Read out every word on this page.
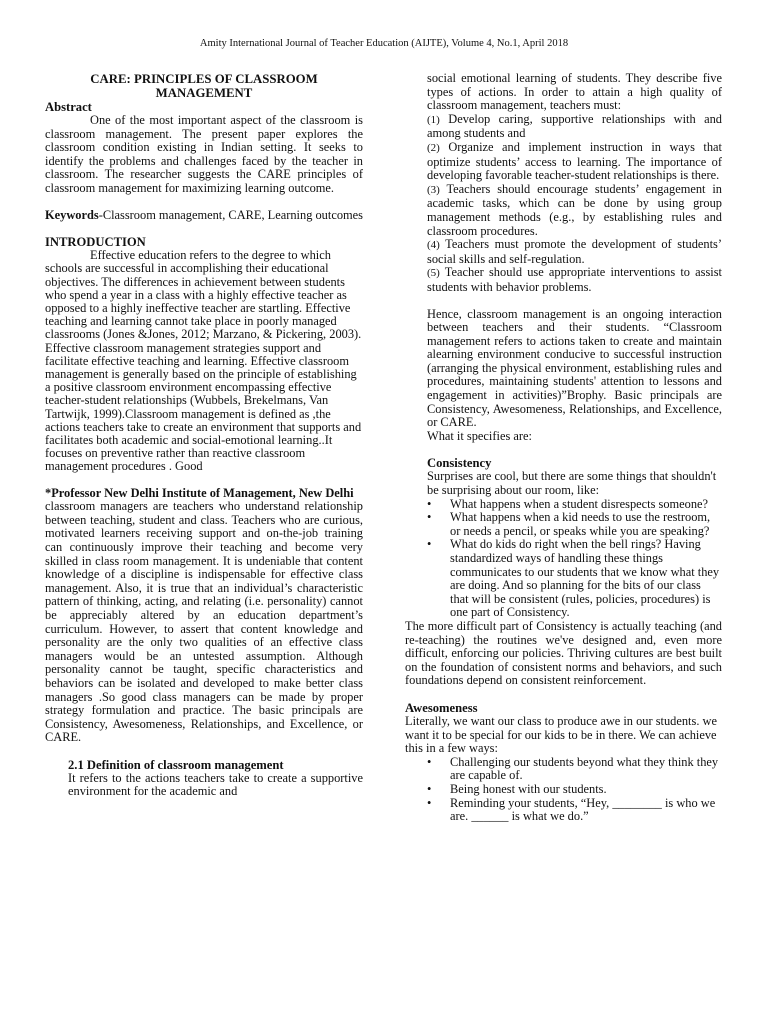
Amity International Journal of Teacher Education (AIJTE), Volume 4, No.1, April 2018
CARE: PRINCIPLES OF CLASSROOM MANAGEMENT
Abstract

One of the most important aspect of the classroom is classroom management. The present paper explores the classroom condition existing in Indian setting. It seeks to identify the problems and challenges faced by the teacher in classroom. The researcher suggests the CARE principles of classroom management for maximizing learning outcome.

Keywords-Classroom management, CARE, Learning outcomes

INTRODUCTION

Effective education refers to the degree to which schools are successful in accomplishing their educational objectives. The differences in achievement between students who spend a year in a class with a highly effective teacher as opposed to a highly ineffective teacher are startling. Effective teaching and learning cannot take place in poorly managed classrooms (Jones &Jones, 2012; Marzano, & Pickering, 2003). Effective classroom management strategies support and facilitate effective teaching and learning. Effective classroom management is generally based on the principle of establishing a positive classroom environment encompassing effective teacher-student relationships (Wubbels, Brekelmans, Van Tartwijk, 1999).Classroom management is defined as ,the actions teachers take to create an environment that supports and facilitates both academic and social-emotional learning..It focuses on preventive rather than reactive classroom management procedures . Good

*Professor New Delhi Institute of Management, New Delhi

classroom managers are teachers who understand relationship between teaching, student and class. Teachers who are curious, motivated learners receiving support and on-the-job training can continuously improve their teaching and become very skilled in class room management. It is undeniable that content knowledge of a discipline is indispensable for effective class management. Also, it is true that an individual’s characteristic pattern of thinking, acting, and relating (i.e. personality) cannot be appreciably altered by an education department’s curriculum. However, to assert that content knowledge and personality are the only two qualities of an effective class managers would be an untested assumption. Although personality cannot be taught, specific characteristics and behaviors can be isolated and developed to make better class managers .So good class managers can be made by proper strategy formulation and practice. The basic principals are Consistency, Awesomeness, Relationships, and Excellence, or CARE.

2.1 Definition of classroom management

It refers to the actions teachers take to create a supportive environment for the academic and

social emotional learning of students. They describe five types of actions. In order to attain a high quality of classroom management, teachers must:

(1) Develop caring, supportive relationships with and among students and

(2) Organize and implement instruction in ways that optimize students’ access to learning. The importance of developing favorable teacher-student relationships is there.

(3) Teachers should encourage students’ engagement in academic tasks, which can be done by using group management methods (e.g., by establishing rules and classroom procedures.

(4) Teachers must promote the development of students’ social skills and self-regulation.

(5) Teacher should use appropriate interventions to assist students with behavior problems.

Hence, classroom management is an ongoing interaction between teachers and their students. “Classroom management refers to actions taken to create and maintain alearning environment conducive to successful instruction (arranging the physical environment, establishing rules and procedures, maintaining students' attention to lessons and engagement in activities)”Brophy. Basic principals are Consistency, Awesomeness, Relationships, and Excellence, or CARE.

What it specifies are:

Consistency

Surprises are cool, but there are some things that shouldn't be surprising about our room, like:

• What happens when a student disrespects someone?
• What happens when a kid needs to use the restroom, or needs a pencil, or speaks while you are speaking?
• What do kids do right when the bell rings? Having standardized ways of handling these things communicates to our students that we know what they are doing. And so planning for the bits of our class that will be consistent (rules, policies, procedures) is one part of Consistency.

The more difficult part of Consistency is actually teaching (and re-teaching) the routines we've designed and, even more difficult, enforcing our policies. Thriving cultures are best built on the foundation of consistent norms and behaviors, and such foundations depend on consistent reinforcement.

Awesomeness

Literally, we want our class to produce awe in our students. we want it to be special for our kids to be in there. We can achieve this in a few ways:

• Challenging our students beyond what they think they are capable of.
• Being honest with our students.
• Reminding your students, “Hey, ________ is who we are. ______ is what we do.”
